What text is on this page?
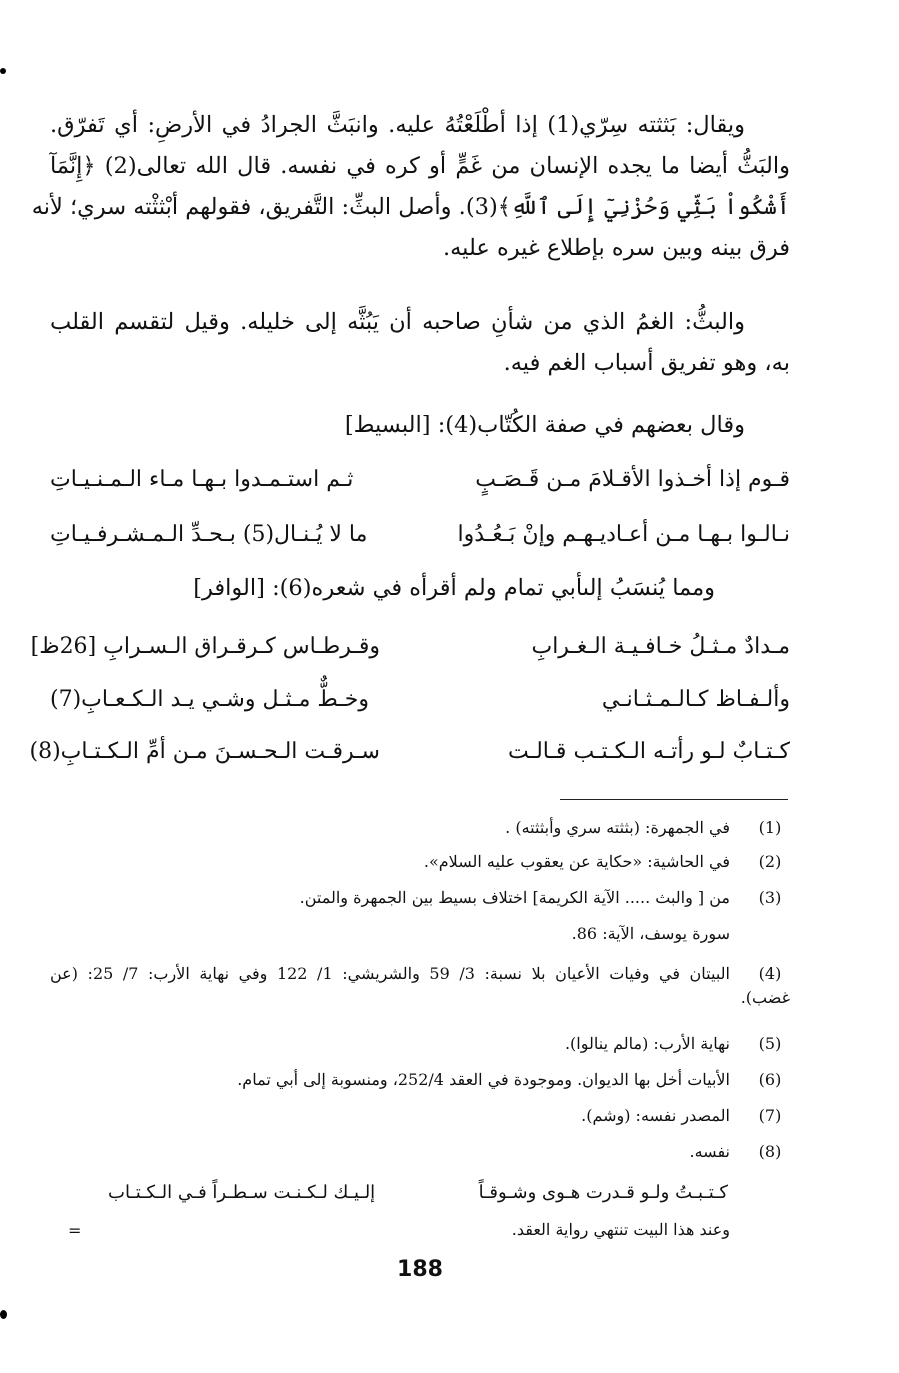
ويقال: بَثثته سِرّي(1) إذا أطْلَعْتُهُ عليه. وانبَثَّ الجرادُ في الأرضِ: أي تَفرّق.
والبَثُّ أيضا ما يجده الإنسان من غَمٍّ أو كره في نفسه. قال الله تعالى(2) ﴿إِنَّمَآ
أَشْكُواْ بَثِّي وَحُزْنِيٓ إِلَى ٱللَّهِ﴾(3). وأصل البثِّ: التَّفريق، فقولهم أبْثثْته سري؛ لأنه
فرق بينه وبين سره بإطلاع غيره عليه.
والبثُّ: الغمُ الذي من شأنِ صاحبه أن يَبُثَّه إلى خليله. وقيل لتقسم القلب
به، وهو تفريق أسباب الغم فيه.
وقال بعضهم في صفة الكُتّاب(4): [البسيط]
قـوم إذا أخـذوا الأقـلامَ مـن قَـصَـبٍ
ثـم استـمـدوا بـهـا مـاء الـمـنـيـاتِ
نـالـوا بـهـا مـن أعـاديـهـم وإنْ بَـعُـدُوا
ما لا يُـنـال(5) بـحـدِّ الـمـشـرفـيـاتِ
ومما يُنسَبُ إلىأبي تمام ولم أقرأه في شعره(6): [الوافر]
مـدادٌ مـثـلُ خـافـيـة الـغـرابِ
وقـرطـاس كـرقـراق الـسـرابِ [26ظ]
وألـفـاظ كـالـمـثـانـي
وخـطٌّ مـثـل وشـي يـد الـكـعـابِ(7)
كـتـابٌ لـو رأتـه الـكـتـب قـالـت
سـرقـت الـحـسـنَ مـن أمِّ الـكـتـابِ(8)
(1)
في الجمهرة: (بثثته سري وأبثثته) .
(2)
في الحاشية: «حكاية عن يعقوب عليه السلام».
(3)
من [ والبث ..... الآية الكريمة] اختلاف بسيط بين الجمهرة والمتن.
سورة يوسف، الآية: 86.
(4)
البيتان في وفيات الأعيان بلا نسبة: 3/ 59 والشريشي: 1/ 122 وفي نهاية الأرب: 7/ 25: (عن
غضب).
(5)
نهاية الأرب: (مالم ينالوا).
(6)
الأبيات أخل بها الديوان. وموجودة في العقد 252/4، ومنسوبة إلى أبي تمام.
(7)
المصدر نفسه: (وشم).
(8)
نفسه.
كـتـبـتُ ولـو قـدرت هـوى وشـوقـاً
إلـيـك لـكـنـت سـطـراً فـي الـكـتـاب
وعند هذا البيت تنتهي رواية العقد.
=
188
